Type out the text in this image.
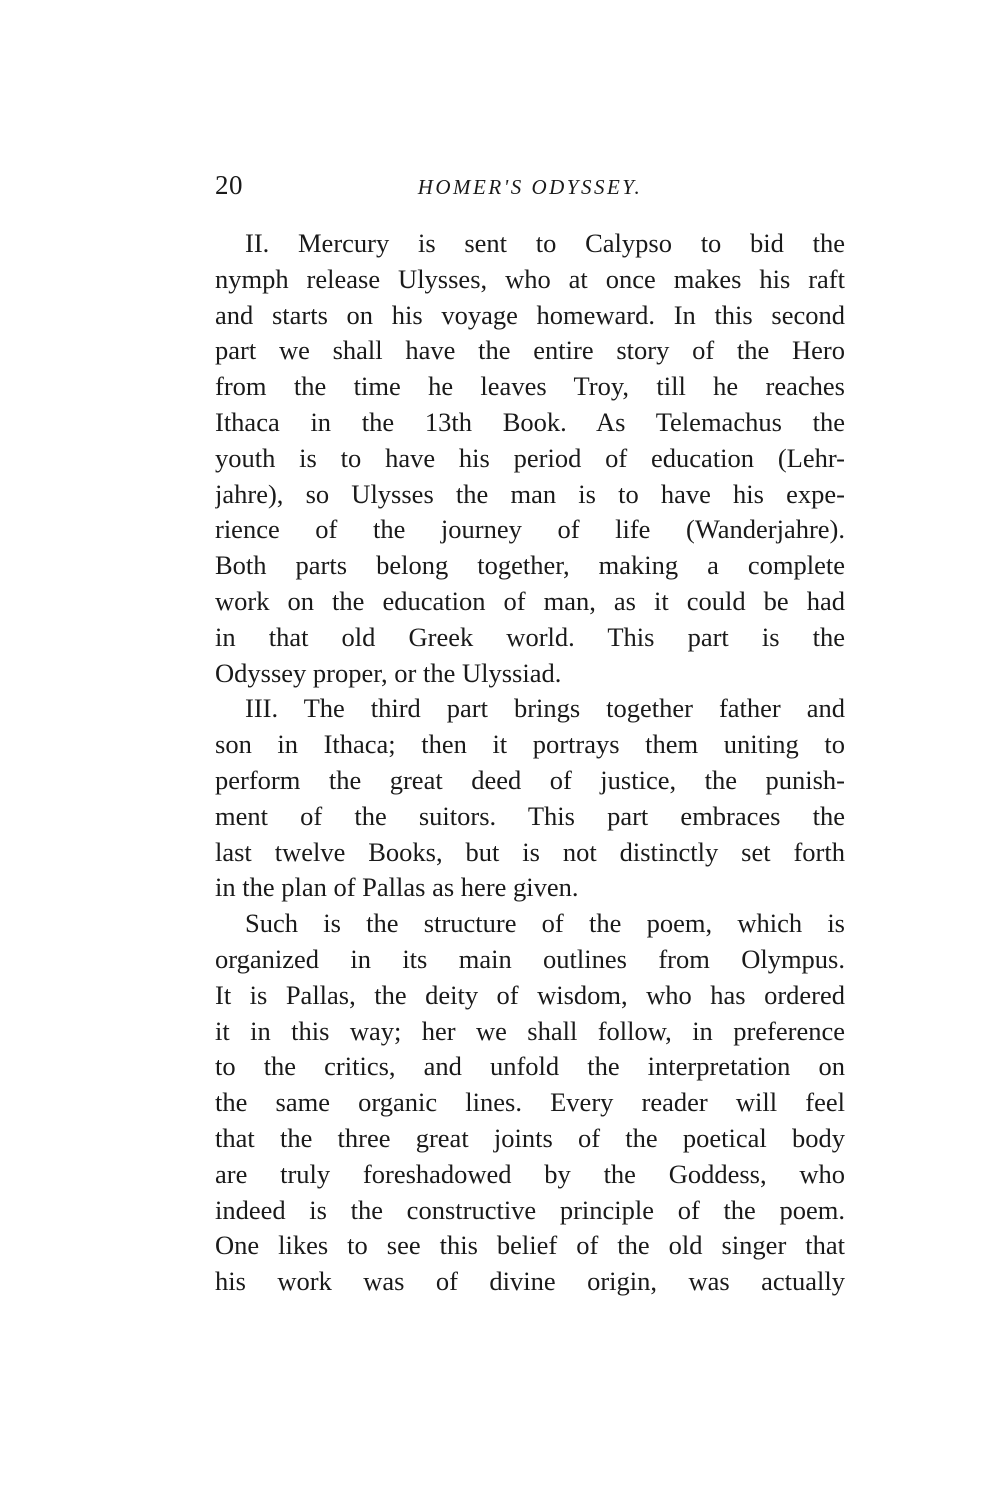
20	HOMER'S ODYSSEY.
II. Mercury is sent to Calypso to bid the
nymph release Ulysses, who at once makes his raft
and starts on his voyage homeward. In this second
part we shall have the entire story of the Hero
from the time he leaves Troy, till he reaches
Ithaca in the 13th Book. As Telemachus the
youth is to have his period of education (Lehr-
jahre), so Ulysses the man is to have his expe-
rience of the journey of life (Wanderjahre).
Both parts belong together, making a complete
work on the education of man, as it could be had
in that old Greek world. This part is the
Odyssey proper, or the Ulyssiad.
III. The third part brings together father and
son in Ithaca; then it portrays them uniting to
perform the great deed of justice, the punish-
ment of the suitors. This part embraces the
last twelve Books, but is not distinctly set forth
in the plan of Pallas as here given.
Such is the structure of the poem, which is
organized in its main outlines from Olympus.
It is Pallas, the deity of wisdom, who has ordered
it in this way; her we shall follow, in preference
to the critics, and unfold the interpretation on
the same organic lines. Every reader will feel
that the three great joints of the poetical body
are truly foreshadowed by the Goddess, who
indeed is the constructive principle of the poem.
One likes to see this belief of the old singer that
his work was of divine origin, was actually
